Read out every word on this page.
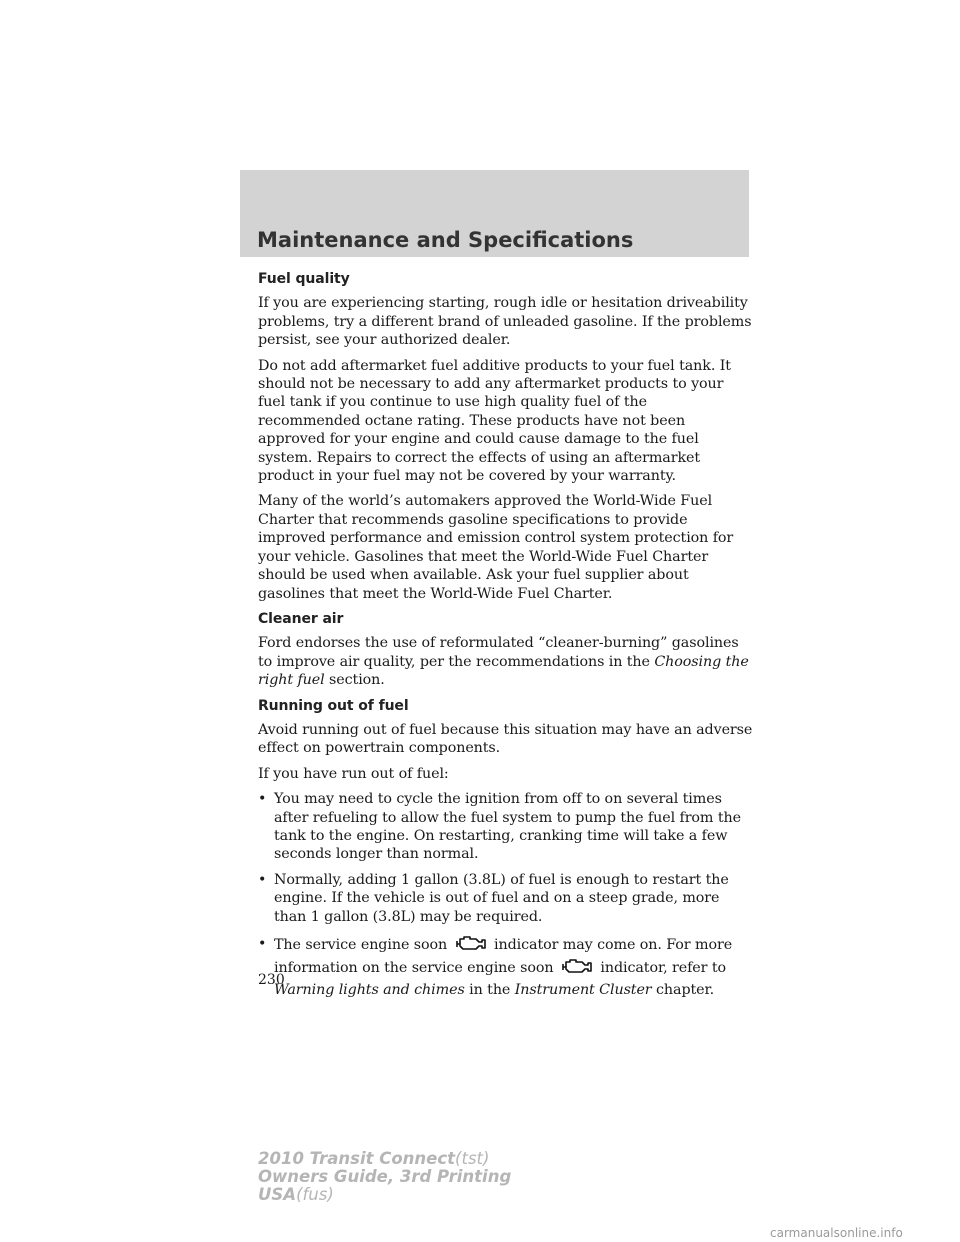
Maintenance and Specifications
Fuel quality

If you are experiencing starting, rough idle or hesitation driveability problems, try a different brand of unleaded gasoline. If the problems persist, see your authorized dealer.

Do not add aftermarket fuel additive products to your fuel tank. It should not be necessary to add any aftermarket products to your fuel tank if you continue to use high quality fuel of the recommended octane rating. These products have not been approved for your engine and could cause damage to the fuel system. Repairs to correct the effects of using an aftermarket product in your fuel may not be covered by your warranty.

Many of the world’s automakers approved the World-Wide Fuel Charter that recommends gasoline specifications to provide improved performance and emission control system protection for your vehicle. Gasolines that meet the World-Wide Fuel Charter should be used when available. Ask your fuel supplier about gasolines that meet the World-Wide Fuel Charter.

Cleaner air

Ford endorses the use of reformulated “cleaner-burning” gasolines to improve air quality, per the recommendations in the Choosing the right fuel section.

Running out of fuel

Avoid running out of fuel because this situation may have an adverse effect on powertrain components.

If you have run out of fuel:

• You may need to cycle the ignition from off to on several times after refueling to allow the fuel system to pump the fuel from the tank to the engine. On restarting, cranking time will take a few seconds longer than normal.
• Normally, adding 1 gallon (3.8L) of fuel is enough to restart the engine. If the vehicle is out of fuel and on a steep grade, more than 1 gallon (3.8L) may be required.
• The service engine soon	indicator may come on. For more information on the service engine soon	indicator, refer to Warning lights and chimes in the Instrument Cluster chapter.
230
2010 Transit Connect(tst)
Owners Guide, 3rd Printing
USA(fus)
carmanualsonline.info
